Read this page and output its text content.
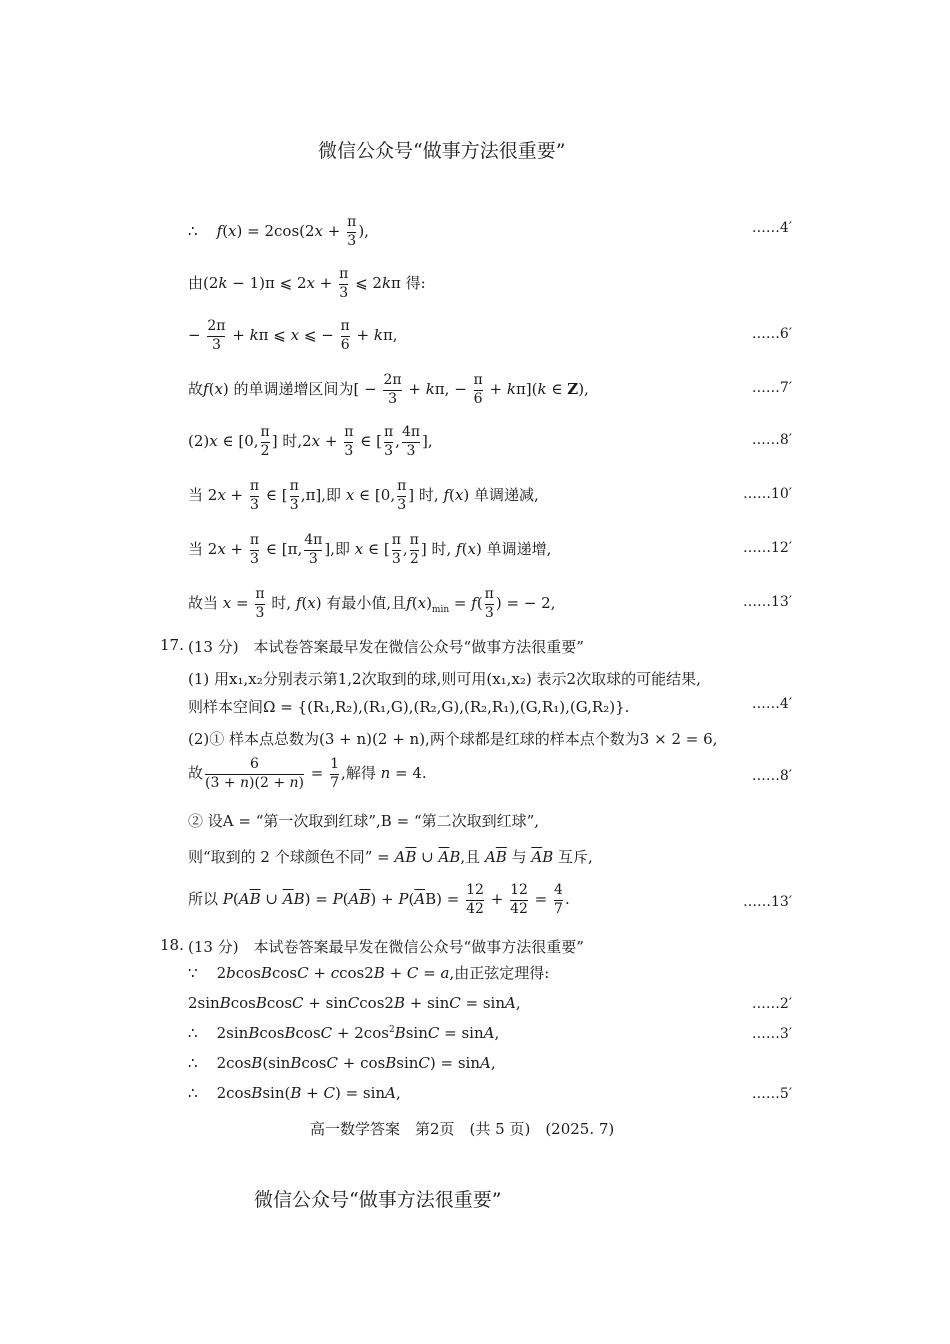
微信公众号“做事方法很重要”
∴    $f(x) = 2\cos(2x + \frac{\pi}{3}$ ),	……4′
由(2k − 1)π ⩽ $2x + \frac{\pi}{3}$ ⩽ 2kπ 得:
− $\frac{2\pi}{3} + k\pi$ ⩽ x ⩽ − $\frac{\pi}{6} + k\pi$,	……6′
故f(x) 的单调递增区间为[ − $\frac{2\pi}{3} + k\pi$, − $\frac{\pi}{6} + k\pi](k$ ∈ Z),	……7′
(2)x ∈ [0, $\frac{\pi}{2}$ ] 时$,2x + \frac{\pi}{3}$ ∈ [ $\frac{\pi}{3}$ , $\frac{4\pi}{3}$ ],	……8′
当 $2x + \frac{\pi}{3}$ ∈ [ $\frac{\pi}{3} ,\pi$],即 x ∈ [0, $\frac{\pi}{3}$ ] 时, f(x) 单调递减,	……10′
当 $2x + \frac{\pi}{3}$ ∈ [π, $\frac{4\pi}{3}$ ],即 x ∈ [ $\frac{\pi}{3}$ , $\frac{\pi}{2}$ ] 时, f(x) 单调递增,	……12′
故当 $x = \frac{\pi}{3}$ 时, f(x) 有最小值,且$f(x)_{min} = f( \frac{\pi}{3}$ ) = − 2,	……13′
17. (13 分)　本试卷答案最早发在微信公众号“做事方法很重要”
(1) 用x₁,x₂分别表示第1,2次取到的球,则可用(x₁,x₂) 表示2次取球的可能结果,
则样本空间Ω = {(R₁,R₂),(R₁,G),(R₂,G),(R₂,R₁),(G,R₁),(G,R₂)}.	……4′
(2)① 样本点总数为(3 + n)(2 + n),两个球都是红球的样本点个数为3 × 2 = 6,
故 $\frac{6}{(3 + n)(2 + n)} = \frac{1}{7}$ ,解得 n = 4.	……8′
② 设A = “第一次取到红球”,B = “第二次取到红球”,
则“取到的 2 个球颜色不同” = $A\overline{B}$ ∪ $\overline{A}B$,且 $A\overline{B}$ 与 $\overline{A}B$ 互斥,
所以 $P(A\overline{B}$ ∪ $\overline{A}B) = P(A\overline{B}) + P(\overline{A}B) = \frac{12}{42} + \frac{12}{42} = \frac{4}{7}$ .	……13′
18. (13 分)　本试卷答案最早发在微信公众号“做事方法很重要”
∵    2bcosBcosC + ccos2B + C = a,由正弦定理得:
2sinBcosBcosC + sinCcos2B + sinC = sinA,	……2′
∴    2sinBcosBcosC + $2\cos^2BsinC = \sin A$,	……3′
∴    2cosB(sinBcosC + cosBsinC) = sinA,
∴    2cosBsin(B + C) = sinA,	……5′
高一数学答案　第2页　(共 5 页)　(2025. 7)
微信公众号“做事方法很重要”
